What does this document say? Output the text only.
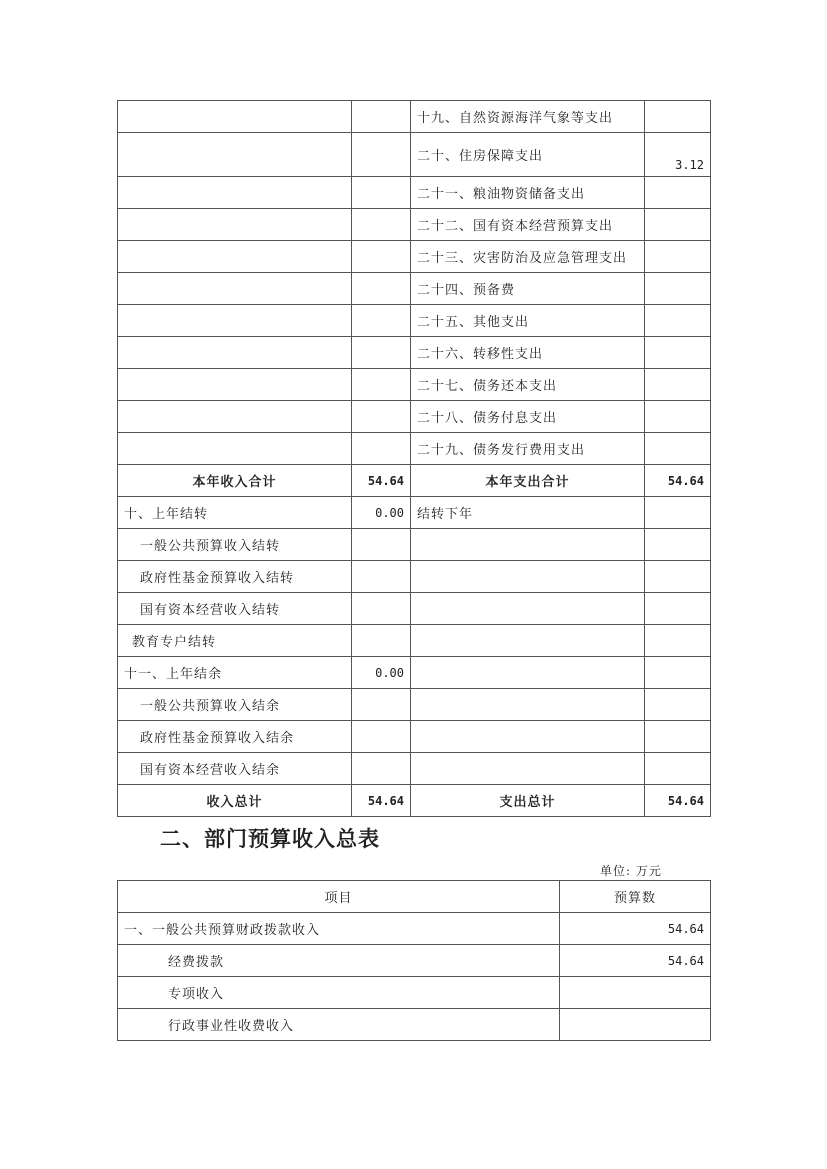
		十九、自然资源海洋气象等支出	
		二十、住房保障支出	3.12
		二十一、粮油物资储备支出	
		二十二、国有资本经营预算支出	
		二十三、灾害防治及应急管理支出	
		二十四、预备费	
		二十五、其他支出	
		二十六、转移性支出	
		二十七、债务还本支出	
		二十八、债务付息支出	
		二十九、债务发行费用支出	
本年收入合计	54.64	本年支出合计	54.64
十、上年结转	0.00	结转下年	
一般公共预算收入结转			
政府性基金预算收入结转			
国有资本经营收入结转			
教育专户结转			
十一、上年结余	0.00		
一般公共预算收入结余			
政府性基金预算收入结余			
国有资本经营收入结余			
收入总计	54.64	支出总计	54.64
二、部门预算收入总表
单位: 万元
项目	预算数
一、一般公共预算财政拨款收入	54.64
经费拨款	54.64
专项收入	
行政事业性收费收入	
